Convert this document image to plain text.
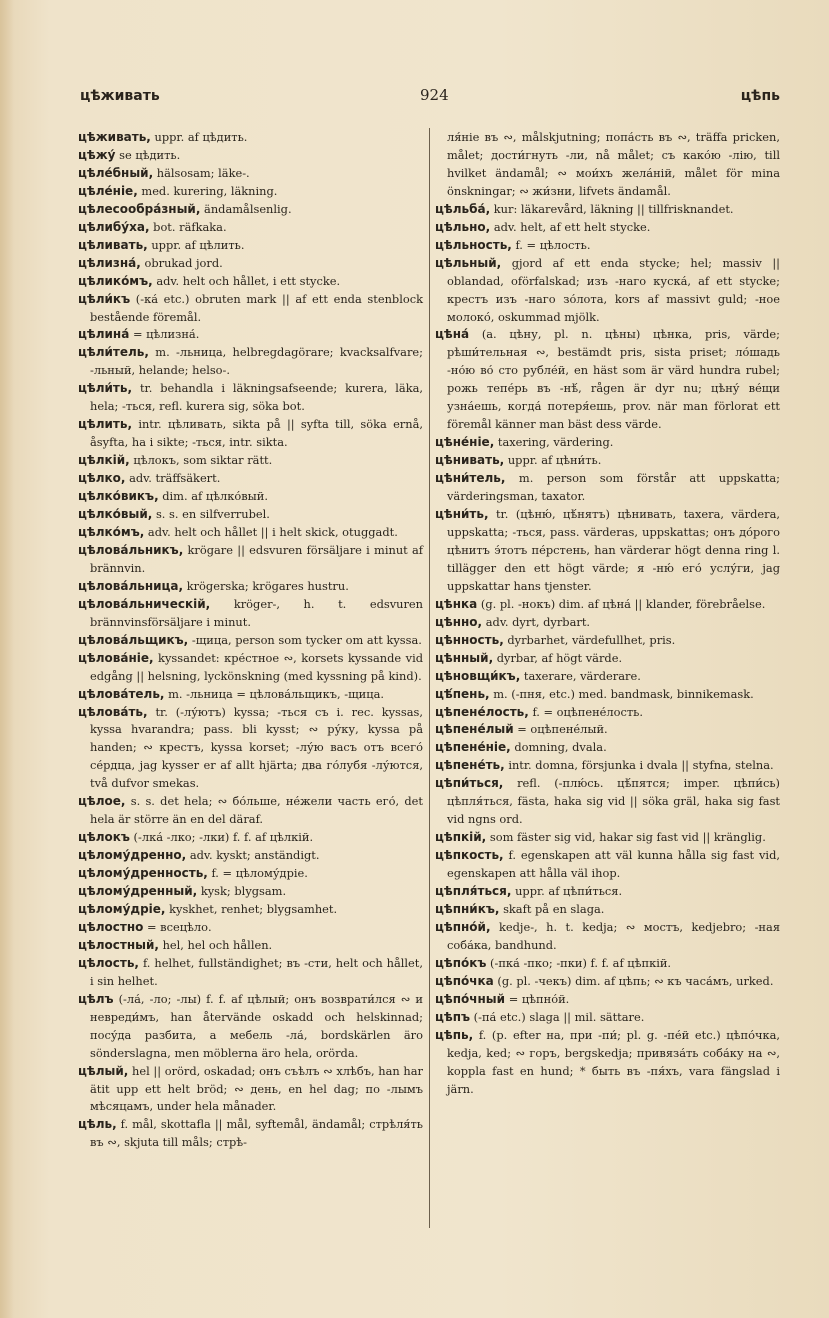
цѣживать	924	цѣпь

цѣживать, uppr. af цѣдить.

цѣжу́ se цѣдить.

цѣле́бный, hälsosam; läke-.

цѣле́ніе, med. kurering, läkning.

цѣлесообра́зный, ändamålsenlig.

цѣлибу́ха, bot. räfkaka.

цѣливать, uppr. af цѣлить.

цѣлизна́, obrukad jord.

цѣлико́мъ, adv. helt och hållet, i ett stycke.

цѣли́къ (-ка́ etc.) obruten mark || af ett enda stenblock bestående föremål.

цѣлина́ = цѣлизна́.

цѣли́тель, m. -льница, helbregdagörare; kvacksalfvare; -льный, helande; helso-.

цѣли́ть, tr. behandla i läkningsafseende; kurera, läka, hela; -ться, refl. kurera sig, söka bot.

цѣлить, intr. цѣливать, sikta på || syfta till, söka ernå, åsyfta, ha i sikte; -ться, intr. sikta.

цѣлкій, цѣлокъ, som siktar rätt.

цѣлко, adv. träffsäkert.

цѣлко́викъ, dim. af цѣлко́вый.

цѣлко́вый, s. s. en silfverrubel.

цѣлко́мъ, adv. helt och hållet || i helt skick, otuggadt.

цѣлова́льникъ, krögare || edsvuren försäljare i minut af brännvin.

цѣлова́льница, krögerska; krögares hustru.

цѣлова́льническій, kröger-, h. t. edsvuren brännvinsförsäljare i minut.

цѣлова́льщикъ, -щица, person som tycker om att kyssa.

цѣлова́ніе, kyssandet: кре́стное ∾, korsets kyssande vid edgång || helsning, lyckönskning (med kyssning på kind).

цѣлова́тель, m. -льница = цѣлова́льщикъ, -щица.

цѣлова́ть, tr. (-лу́ютъ) kyssa; -ться съ i. rec. kyssas, kyssa hvarandra; pass. bli kysst; ∾ ру́ку, kyssa på handen; ∾ крестъ, kyssa korset; -лу́ю васъ отъ всего́ се́рдца, jag kysser er af allt hjärta; два го́лубя -лу́ются, två dufvor smekas.

цѣлое, s. s. det hela; ∾ бо́льше, не́жели часть его́, det hela är större än en del däraf.

цѣлокъ (-лка́ -лко; -лки) f. f. af цѣлкій.

цѣлому́дренно, adv. kyskt; anständigt.

цѣлому́дренность, f. = цѣлому́дріе.

цѣлому́дренный, kysk; blygsam.

цѣлому́дріе, kyskhet, renhet; blygsamhet.

цѣлостно = всецѣло.

цѣлостный, hel, hel och hållen.

цѣлость, f. helhet, fullständighet; въ -сти, helt och hållet, i sin helhet.

цѣлъ (-ла́, -ло; -лы) f. f. af цѣлый; онъ возврати́лся ∾ и невреди́мъ, han återvände oskadd och helskinnad; посу́да разбита, а мебель -ла́, bordskärlen äro sönderslagna, men möblerna äro hela, orörda.

цѣлый, hel || orörd, oskadad; онъ съѣлъ ∾ хлѣбъ, han har ätit upp ett helt bröd; ∾ день, en hel dag; по -лымъ мѣсяцамъ, under hela månader.

цѣль, f. mål, skottafla || mål, syftemål, ändamål; стрѣля́ть въ ∾, skjuta till måls; стрѣ-

ля́ніе въ ∾, målskjutning; попа́сть въ ∾, träffa pricken, målet; дости́гнуть -ли, nå målet; съ како́ю -лію, till hvilket ändamål; ∾ мои́хъ жела́ній, målet för mina önskningar; ∾ жи́зни, lifvets ändamål.

цѣльба́, kur: läkarevård, läkning || tillfrisknandet.

цѣльно, adv. helt, af ett helt stycke.

цѣльность, f. = цѣлость.

цѣльный, gjord af ett enda stycke; hel; massiv || oblandad, oförfalskad; изъ -наго куска́, af ett stycke; крестъ изъ -наго зо́лота, kors af massivt guld; -ное молоко́, oskummad mjölk.

цѣна́ (a. цѣну, pl. n. цѣны) цѣнка, pris, värde; рѣши́тельная ∾, bestämdt pris, sista priset; ло́шадь -но́ю во́ сто рубле́й, en häst som är värd hundra rubel; рожь тепе́рь въ -нѣ́, rågen är dyr nu; цѣну́ ве́щи узна́ешь, когда́ потеря́ешь, prov. när man förlorat ett föremål känner man bäst dess värde.

цѣне́ніе, taxering, värdering.

цѣнивать, uppr. af цѣни́ть.

цѣни́тель, m. person som förstår att uppskatta; värderingsman, taxator.

цѣни́ть, tr. (цѣню́, цѣ́нятъ) цѣнивать, taxera, värdera, uppskatta; -ться, pass. värderas, uppskattas; онъ до́рого цѣнитъ э́тотъ пе́рстень, han värderar högt denna ring l. tillägger den ett högt värde; я -ню́ его́ услу́ги, jag uppskattar hans tjenster.

цѣнка (g. pl. -нокъ) dim. af цѣна́ || klander, förebråelse.

цѣнно, adv. dyrt, dyrbart.

цѣнность, dyrbarhet, värdefullhet, pris.

цѣнный, dyrbar, af högt värde.

цѣновщи́къ, taxerare, värderare.

цѣ́пень, m. (-пня, etc.) med. bandmask, binnikemask.

цѣпене́лость, f. = оцѣпене́лость.

цѣпене́лый = оцѣпене́лый.

цѣпене́ніе, domning, dvala.

цѣпене́ть, intr. domna, försjunka i dvala || styfna, stelna.

цѣпи́ться, refl. (-плю́сь. цѣ́пятся; imper. цѣпи́сь) цѣпля́ться, fästa, haka sig vid || söka gräl, haka sig fast vid ngns ord.

цѣпкій, som fäster sig vid, hakar sig fast vid || kränglig.

цѣпкость, f. egenskapen att väl kunna hålla sig fast vid, egenskapen att hålla väl ihop.

цѣпля́ться, uppr. af цѣпи́ться.

цѣпни́къ, skaft på en slaga.

цѣпно́й, kedje-, h. t. kedja; ∾ мостъ, kedjebro; -ная соба́ка, bandhund.

цѣпо́къ (-пка́ -пко; -пки) f. f. af цѣпкій.

цѣпо́чка (g. pl. -чекъ) dim. af цѣпь; ∾ къ часа́мъ, urked.

цѣпо́чный = цѣпно́й.

цѣпъ (-па́ etc.) slaga || mil. sättare.

цѣпь, f. (p. efter на, при -пи́; pl. g. -пе́й etc.) цѣпо́чка, kedja, ked; ∾ горъ, bergskedja; привяза́ть соба́ку на ∾, koppla fast en hund; * быть въ -пя́хъ, vara fängslad i järn.
